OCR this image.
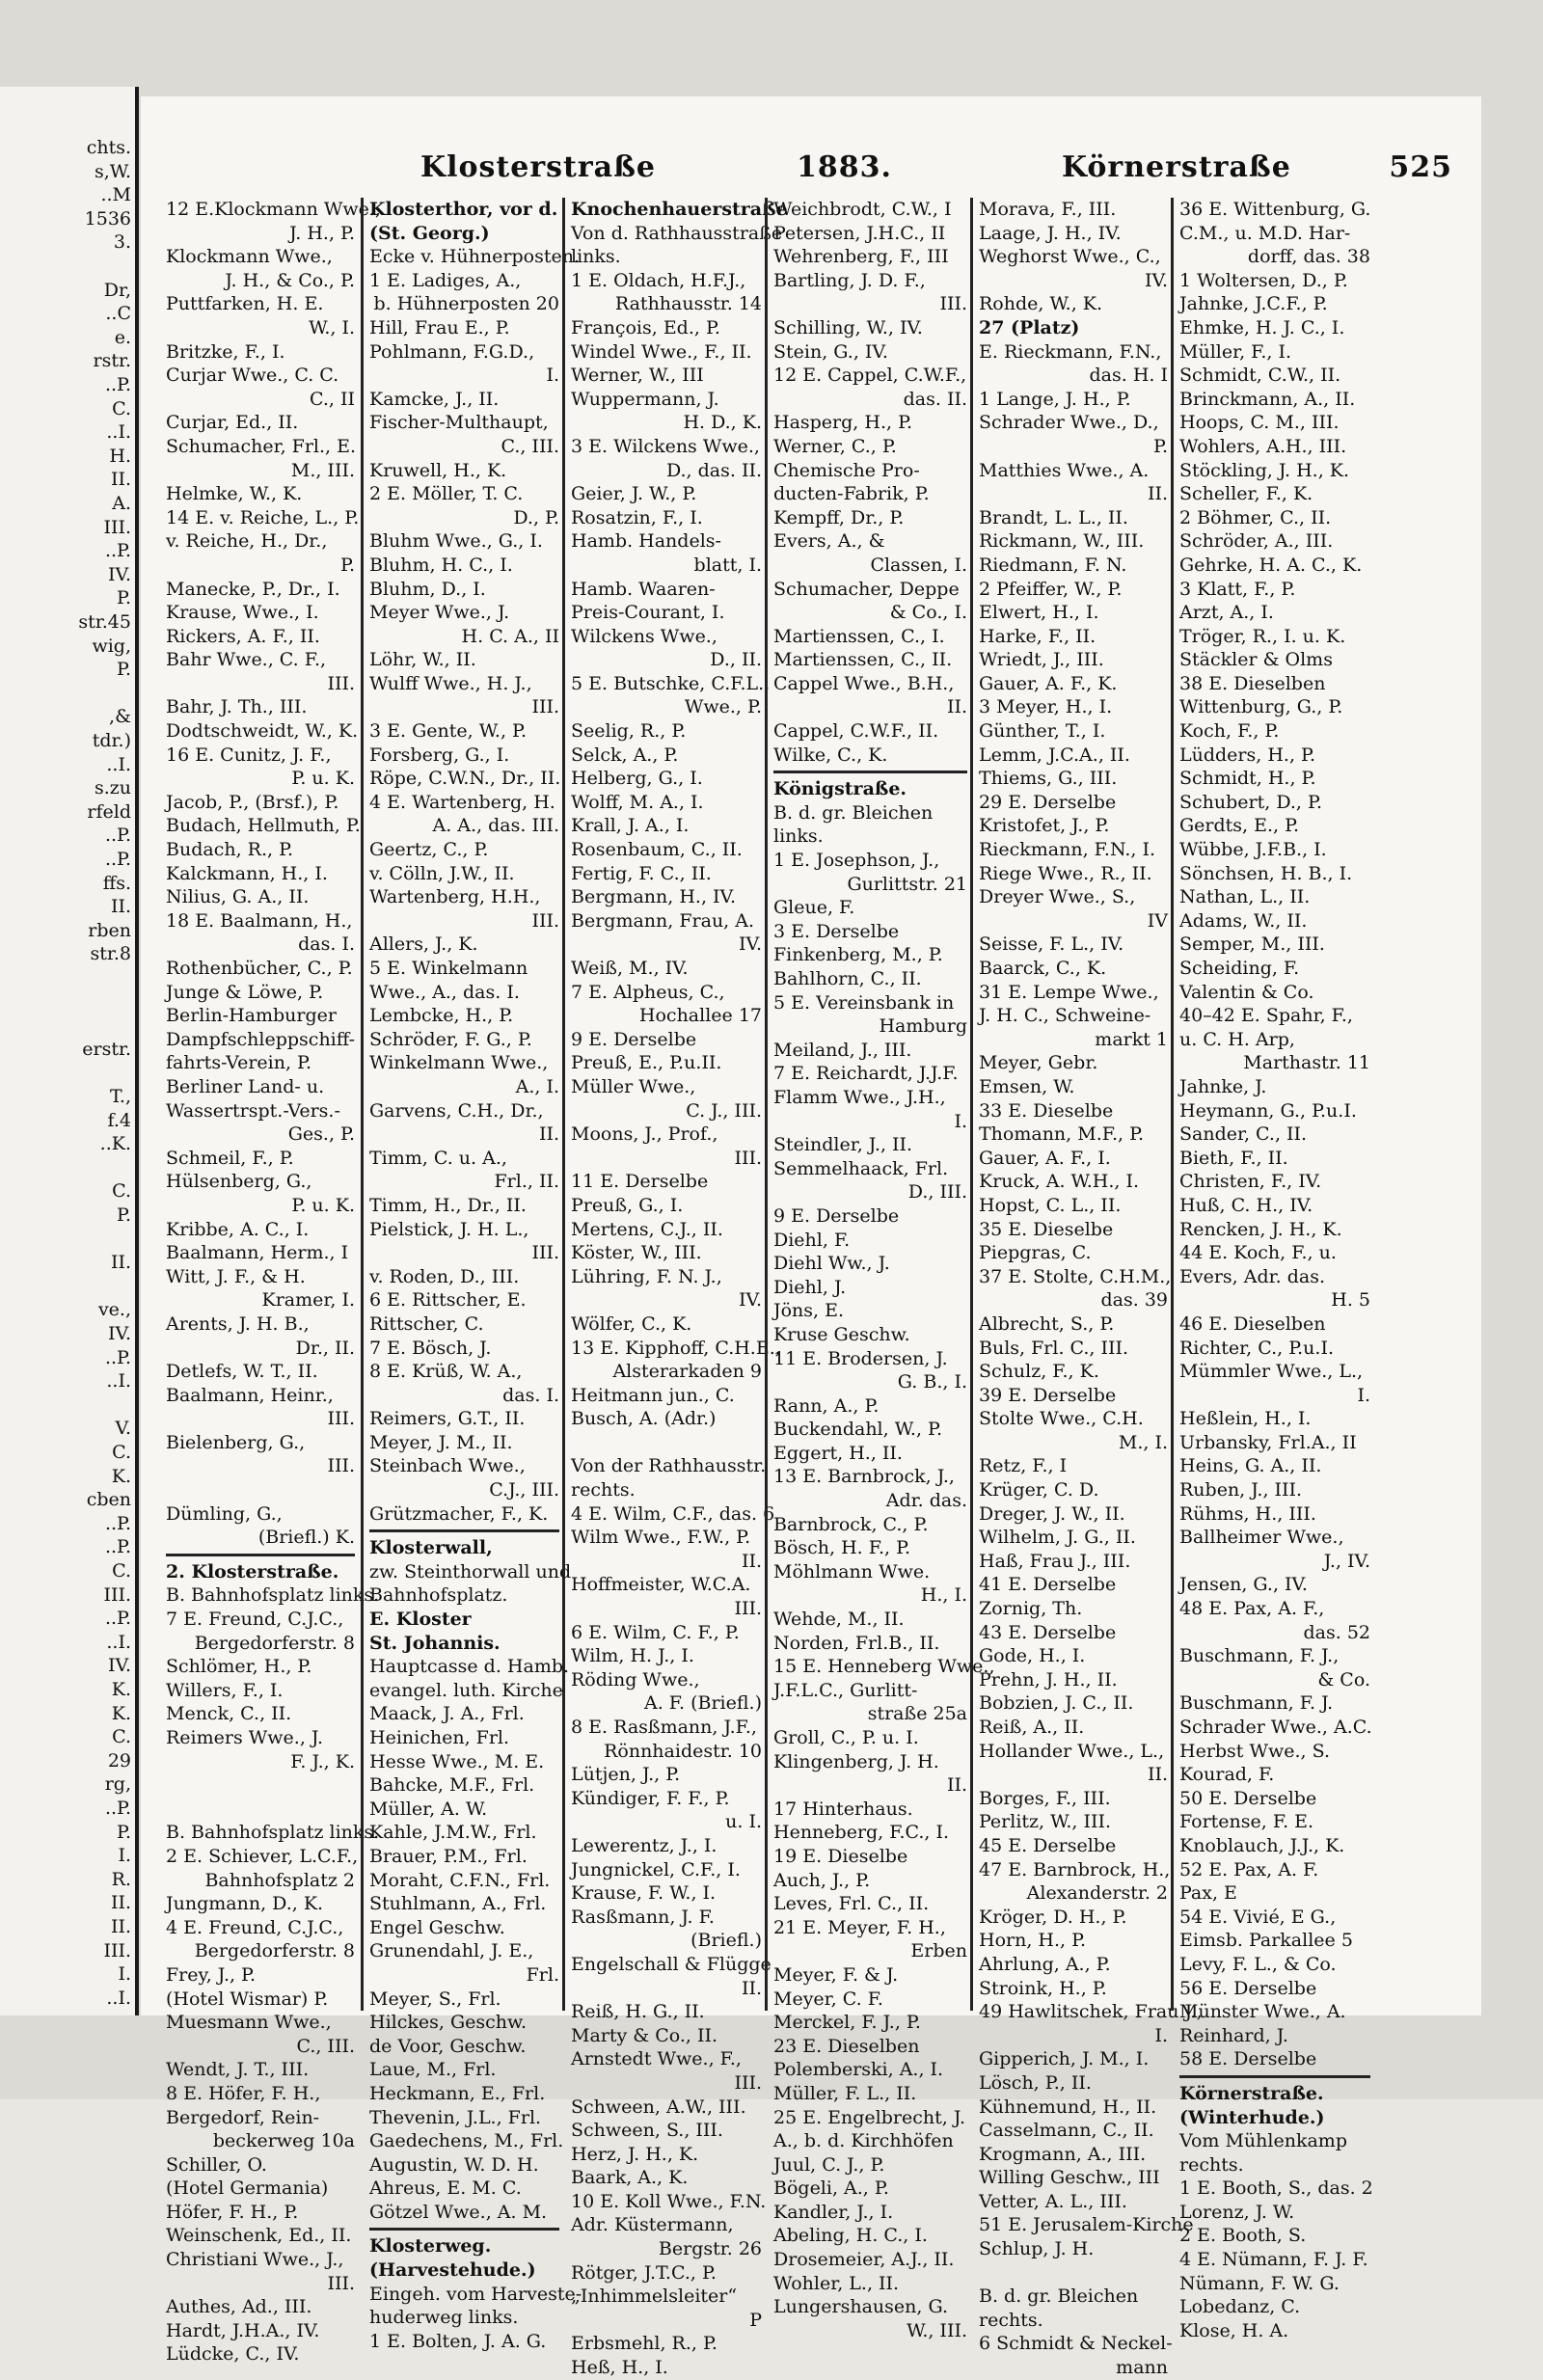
chts.
s,W.
..M
1536
3.
Dr,
..C
e.
rstr.
..P.
C.
..I.
H.
II.
A.
III.
..P.
IV.
P.
str.45
wig,
P.
,&
tdr.)
..I.
s.zu
rfeld
..P.
..P.
ffs.
II.
rben
str.8
erstr.
T.,
f.4
..K.
C.
P.
II.
ve.,
IV.
..P.
..I.
V.
C.
K.
cben
..P.
..P.
C.
III.
..P.
..I.
IV.
K.
K.
C.
29
rg,
..P.
P.
I.
R.
II.
II.
III.
I.
..I.
Klosterstraße	1883.	Körnerstraße	525
12 E.Klockmann Wwe.,
J. H., P.
Klockmann Wwe.,
J. H., & Co., P.
Puttfarken, H. E.
W., I.
Britzke, F., I.
Curjar Wwe., C. C.
C., II
Curjar, Ed., II.
Schumacher, Frl., E.
M., III.
Helmke, W., K.
14 E. v. Reiche, L., P.
v. Reiche, H., Dr.,
P.
Manecke, P., Dr., I.
Krause, Wwe., I.
Rickers, A. F., II.
Bahr Wwe., C. F.,
III.
Bahr, J. Th., III.
Dodtschweidt, W., K.
16 E. Cunitz, J. F.,
P. u. K.
Jacob, P., (Brsf.), P.
Budach, Hellmuth, P.
Budach, R., P.
Kalckmann, H., I.
Nilius, G. A., II.
18 E. Baalmann, H.,
das. I.
Rothenbücher, C., P.
Junge & Löwe, P.
Berlin-Hamburger
Dampfschleppschiff-
fahrts-Verein, P.
Berliner Land- u.
Wassertrspt.-Vers.-
Ges., P.
Schmeil, F., P.
Hülsenberg, G.,
P. u. K.
Kribbe, A. C., I.
Baalmann, Herm., I
Witt, J. F., & H.
Kramer, I.
Arents, J. H. B.,
Dr., II.
Detlefs, W. T., II.
Baalmann, Heinr.,
III.
Bielenberg, G.,
III.

Dümling, G.,
(Briefl.) K.
2. Klosterstraße.
B. Bahnhofsplatz links.
7 E. Freund, C.J.C.,
Bergedorferstr. 8
Schlömer, H., P.
Willers, F., I.
Menck, C., II.
Reimers Wwe., J.
F. J., K.

B. Bahnhofsplatz links.
2 E. Schiever, L.C.F.,
Bahnhofsplatz 2
Jungmann, D., K.
4 E. Freund, C.J.C.,
Bergedorferstr. 8
Frey, J., P.
(Hotel Wismar) P.
Muesmann Wwe.,
C., III.
Wendt, J. T., III.
8 E. Höfer, F. H.,
Bergedorf, Rein-
beckerweg 10a
Schiller, O.
(Hotel Germania)
Höfer, F. H., P.
Weinschenk, Ed., II.
Christiani Wwe., J.,
III.
Authes, Ad., III.
Hardt, J.H.A., IV.
Lüdcke, C., IV.
Klosterthor, vor d.
(St. Georg.)
Ecke v. Hühnerposten.
1 E. Ladiges, A.,
b. Hühnerposten 20
Hill, Frau E., P.
Pohlmann, F.G.D.,
I.
Kamcke, J., II.
Fischer-Multhaupt,
C., III.
Kruwell, H., K.
2 E. Möller, T. C.
D., P.
Bluhm Wwe., G., I.
Bluhm, H. C., I.
Bluhm, D., I.
Meyer Wwe., J.
H. C. A., II
Löhr, W., II.
Wulff Wwe., H. J.,
III.
3 E. Gente, W., P.
Forsberg, G., I.
Röpe, C.W.N., Dr., II.
4 E. Wartenberg, H.
A. A., das. III.
Geertz, C., P.
v. Cölln, J.W., II.
Wartenberg, H.H.,
III.
Allers, J., K.
5 E. Winkelmann
Wwe., A., das. I.
Lembcke, H., P.
Schröder, F. G., P.
Winkelmann Wwe.,
A., I.
Garvens, C.H., Dr.,
II.
Timm, C. u. A.,
Frl., II.
Timm, H., Dr., II.
Pielstick, J. H. L.,
III.
v. Roden, D., III.
6 E. Rittscher, E.
Rittscher, C.
7 E. Bösch, J.
8 E. Krüß, W. A.,
das. I.
Reimers, G.T., II.
Meyer, J. M., II.
Steinbach Wwe.,
C.J., III.
Grützmacher, F., K.
Klosterwall,
zw. Steinthorwall und
Bahnhofsplatz.
E. Kloster
St. Johannis.
Hauptcasse d. Hamb.
evangel. luth. Kirche
Maack, J. A., Frl.
Heinichen, Frl.
Hesse Wwe., M. E.
Bahcke, M.F., Frl.
Müller, A. W.
Kahle, J.M.W., Frl.
Brauer, P.M., Frl.
Moraht, C.F.N., Frl.
Stuhlmann, A., Frl.
Engel Geschw.
Grunendahl, J. E.,
Frl.
Meyer, S., Frl.
Hilckes, Geschw.
de Voor, Geschw.
Laue, M., Frl.
Heckmann, E., Frl.
Thevenin, J.L., Frl.
Gaedechens, M., Frl.
Augustin, W. D. H.
Ahreus, E. M. C.
Götzel Wwe., A. M.
Klosterweg.
(Harvestehude.)
Eingeh. vom Harveste-
huderweg links.
1 E. Bolten, J. A. G.
Knochenhauerstraße
Von d. Rathhausstraße
links.
1 E. Oldach, H.F.J.,
Rathhausstr. 14
François, Ed., P.
Windel Wwe., F., II.
Werner, W., III
Wuppermann, J.
H. D., K.
3 E. Wilckens Wwe.,
D., das. II.
Geier, J. W., P.
Rosatzin, F., I.
Hamb. Handels-
blatt, I.
Hamb. Waaren-
Preis-Courant, I.
Wilckens Wwe.,
D., II.
5 E. Butschke, C.F.L.,
Wwe., P.
Seelig, R., P.
Selck, A., P.
Helberg, G., I.
Wolff, M. A., I.
Krall, J. A., I.
Rosenbaum, C., II.
Fertig, F. C., II.
Bergmann, H., IV.
Bergmann, Frau, A.
IV.
Weiß, M., IV.
7 E. Alpheus, C.,
Hochallee 17
9 E. Derselbe
Preuß, E., P.u.II.
Müller Wwe.,
C. J., III.
Moons, J., Prof.,
III.
11 E. Derselbe
Preuß, G., I.
Mertens, C.J., II.
Köster, W., III.
Lühring, F. N. J.,
IV.
Wölfer, C., K.
13 E. Kipphoff, C.H.E.,
Alsterarkaden 9
Heitmann jun., C.
Busch, A. (Adr.)

Von der Rathhausstr.
rechts.
4 E. Wilm, C.F., das. 6
Wilm Wwe., F.W., P.
II.
Hoffmeister, W.C.A.
III.
6 E. Wilm, C. F., P.
Wilm, H. J., I.
Röding Wwe.,
A. F. (Briefl.)
8 E. Rasßmann, J.F.,
Rönnhaidestr. 10
Lütjen, J., P.
Kündiger, F. F., P.
u. I.
Lewerentz, J., I.
Jungnickel, C.F., I.
Krause, F. W., I.
Rasßmann, J. F.
(Briefl.)
Engelschall & Flügge
II.
Reiß, H. G., II.
Marty & Co., II.
Arnstedt Wwe., F.,
III.
Schween, A.W., III.
Schween, S., III.
Herz, J. H., K.
Baark, A., K.
10 E. Koll Wwe., F.N.
Adr. Küstermann,
Bergstr. 26
Rötger, J.T.C., P.
„Inhimmelsleiter“
P
Erbsmehl, R., P.
Heß, H., I.
Weichbrodt, C.W., I
Petersen, J.H.C., II
Wehrenberg, F., III
Bartling, J. D. F.,
III.
Schilling, W., IV.
Stein, G., IV.
12 E. Cappel, C.W.F.,
das. II.
Hasperg, H., P.
Werner, C., P.
Chemische Pro-
ducten-Fabrik, P.
Kempff, Dr., P.
Evers, A., &
Classen, I.
Schumacher, Deppe
& Co., I.
Martienssen, C., I.
Martienssen, C., II.
Cappel Wwe., B.H.,
II.
Cappel, C.W.F., II.
Wilke, C., K.
Königstraße.
B. d. gr. Bleichen
links.
1 E. Josephson, J.,
Gurlittstr. 21
Gleue, F.
3 E. Derselbe
Finkenberg, M., P.
Bahlhorn, C., II.
5 E. Vereinsbank in
Hamburg
Meiland, J., III.
7 E. Reichardt, J.J.F.
Flamm Wwe., J.H.,
I.
Steindler, J., II.
Semmelhaack, Frl.
D., III.
9 E. Derselbe
Diehl, F.
Diehl Ww., J.
Diehl, J.
Jöns, E.
Kruse Geschw.
11 E. Brodersen, J.
G. B., I.
Rann, A., P.
Buckendahl, W., P.
Eggert, H., II.
13 E. Barnbrock, J.,
Adr. das.
Barnbrock, C., P.
Bösch, H. F., P.
Möhlmann Wwe.
H., I.
Wehde, M., II.
Norden, Frl.B., II.
15 E. Henneberg Wwe.,
J.F.L.C., Gurlitt-
straße 25a
Groll, C., P. u. I.
Klingenberg, J. H.
II.
17 Hinterhaus.
Henneberg, F.C., I.
19 E. Dieselbe
Auch, J., P.
Leves, Frl. C., II.
21 E. Meyer, F. H.,
Erben
Meyer, F. & J.
Meyer, C. F.
Merckel, F. J., P.
23 E. Dieselben
Polemberski, A., I.
Müller, F. L., II.
25 E. Engelbrecht, J.
A., b. d. Kirchhöfen
Juul, C. J., P.
Bögeli, A., P.
Kandler, J., I.
Abeling, H. C., I.
Drosemeier, A.J., II.
Wohler, L., II.
Lungershausen, G.
W., III.
Morava, F., III.
Laage, J. H., IV.
Weghorst Wwe., C.,
IV.
Rohde, W., K.
27 (Platz)
E. Rieckmann, F.N.,
das. H. I
1 Lange, J. H., P.
Schrader Wwe., D.,
P.
Matthies Wwe., A.
II.
Brandt, L. L., II.
Rickmann, W., III.
Riedmann, F. N.
2 Pfeiffer, W., P.
Elwert, H., I.
Harke, F., II.
Wriedt, J., III.
Gauer, A. F., K.
3 Meyer, H., I.
Günther, T., I.
Lemm, J.C.A., II.
Thiems, G., III.
29 E. Derselbe
Kristofet, J., P.
Rieckmann, F.N., I.
Riege Wwe., R., II.
Dreyer Wwe., S.,
IV
Seisse, F. L., IV.
Baarck, C., K.
31 E. Lempe Wwe.,
J. H. C., Schweine-
markt 1
Meyer, Gebr.
Emsen, W.
33 E. Dieselbe
Thomann, M.F., P.
Gauer, A. F., I.
Kruck, A. W.H., I.
Hopst, C. L., II.
35 E. Dieselbe
Piepgras, C.
37 E. Stolte, C.H.M.,
das. 39
Albrecht, S., P.
Buls, Frl. C., III.
Schulz, F., K.
39 E. Derselbe
Stolte Wwe., C.H.
M., I.
Retz, F., I
Krüger, C. D.
Dreger, J. W., II.
Wilhelm, J. G., II.
Haß, Frau J., III.
41 E. Derselbe
Zornig, Th.
43 E. Derselbe
Gode, H., I.
Prehn, J. H., II.
Bobzien, J. C., II.
Reiß, A., II.
Hollander Wwe., L.,
II.
Borges, F., III.
Perlitz, W., III.
45 E. Derselbe
47 E. Barnbrock, H.,
Alexanderstr. 2
Kröger, D. H., P.
Horn, H., P.
Ahrlung, A., P.
Stroink, H., P.
49 Hawlitschek, Frau J.,
I.
Gipperich, J. M., I.
Lösch, P., II.
Kühnemund, H., II.
Casselmann, C., II.
Krogmann, A., III.
Willing Geschw., III
Vetter, A. L., III.
51 E. Jerusalem-Kirche
Schlup, J. H.

B. d. gr. Bleichen
rechts.
6 Schmidt & Neckel-
mann
36 E. Wittenburg, G.
C.M., u. M.D. Har-
dorff, das. 38
1 Woltersen, D., P.
Jahnke, J.C.F., P.
Ehmke, H. J. C., I.
Müller, F., I.
Schmidt, C.W., II.
Brinckmann, A., II.
Hoops, C. M., III.
Wohlers, A.H., III.
Stöckling, J. H., K.
Scheller, F., K.
2 Böhmer, C., II.
Schröder, A., III.
Gehrke, H. A. C., K.
3 Klatt, F., P.
Arzt, A., I.
Tröger, R., I. u. K.
Stäckler & Olms
38 E. Dieselben
Wittenburg, G., P.
Koch, F., P.
Lüdders, H., P.
Schmidt, H., P.
Schubert, D., P.
Gerdts, E., P.
Wübbe, J.F.B., I.
Sönchsen, H. B., I.
Nathan, L., II.
Adams, W., II.
Semper, M., III.
Scheiding, F.
Valentin & Co.
40–42 E. Spahr, F.,
u. C. H. Arp,
Marthastr. 11
Jahnke, J.
Heymann, G., P.u.I.
Sander, C., II.
Bieth, F., II.
Christen, F., IV.
Huß, C. H., IV.
Rencken, J. H., K.
44 E. Koch, F., u.
Evers, Adr. das.
H. 5
46 E. Dieselben
Richter, C., P.u.I.
Mümmler Wwe., L.,
I.
Heßlein, H., I.
Urbansky, Frl.A., II
Heins, G. A., II.
Ruben, J., III.
Rühms, H., III.
Ballheimer Wwe.,
J., IV.
Jensen, G., IV.
48 E. Pax, A. F.,
das. 52
Buschmann, F. J.,
& Co.
Buschmann, F. J.
Schrader Wwe., A.C.
Herbst Wwe., S.
Kourad, F.
50 E. Derselbe
Fortense, F. E.
Knoblauch, J.J., K.
52 E. Pax, A. F.
Pax, E
54 E. Vivié, E G.,
Eimsb. Parkallee 5
Levy, F. L., & Co.
56 E. Derselbe
Münster Wwe., A.
Reinhard, J.
58 E. Derselbe
Körnerstraße.
(Winterhude.)
Vom Mühlenkamp
rechts.
1 E. Booth, S., das. 2
Lorenz, J. W.
2 E. Booth, S.
4 E. Nümann, F. J. F.
Nümann, F. W. G.
Lobedanz, C.
Klose, H. A.
